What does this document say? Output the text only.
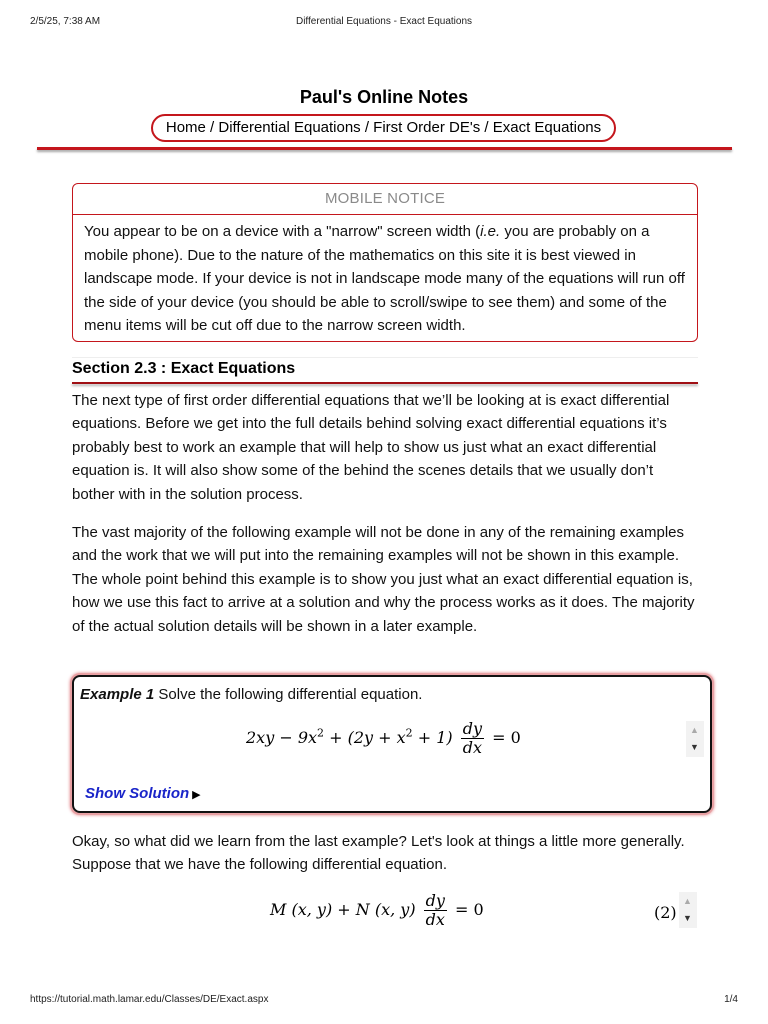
2/5/25, 7:38 AM	Differential Equations - Exact Equations
Paul's Online Notes
Home / Differential Equations / First Order DE's / Exact Equations
MOBILE NOTICE
You appear to be on a device with a "narrow" screen width (i.e. you are probably on a mobile phone). Due to the nature of the mathematics on this site it is best viewed in landscape mode. If your device is not in landscape mode many of the equations will run off the side of your device (you should be able to scroll/swipe to see them) and some of the menu items will be cut off due to the narrow screen width.
Section 2.3 : Exact Equations

The next type of first order differential equations that we’ll be looking at is exact differential equations. Before we get into the full details behind solving exact differential equations it’s probably best to work an example that will help to show us just what an exact differential equation is. It will also show some of the behind the scenes details that we usually don’t bother with in the solution process.

The vast majority of the following example will not be done in any of the remaining examples and the work that we will put into the remaining examples will not be shown in this example. The whole point behind this example is to show you just what an exact differential equation is, how we use this fact to arrive at a solution and why the process works as it does. The majority of the actual solution details will be shown in a later example.

Example 1 Solve the following differential equation.
$2xy - 9x^2 + (2y + x^2 + 1) \frac{dy}{dx} = 0$	▲
▼
Show Solution ▶

Okay, so what did we learn from the last example? Let's look at things a little more generally. Suppose that we have the following differential equation.

M (x, y) + N (x, $y) \frac{dy}{dx} = 0$	(2)
▲
▼
https://tutorial.math.lamar.edu/Classes/DE/Exact.aspx	1/4
